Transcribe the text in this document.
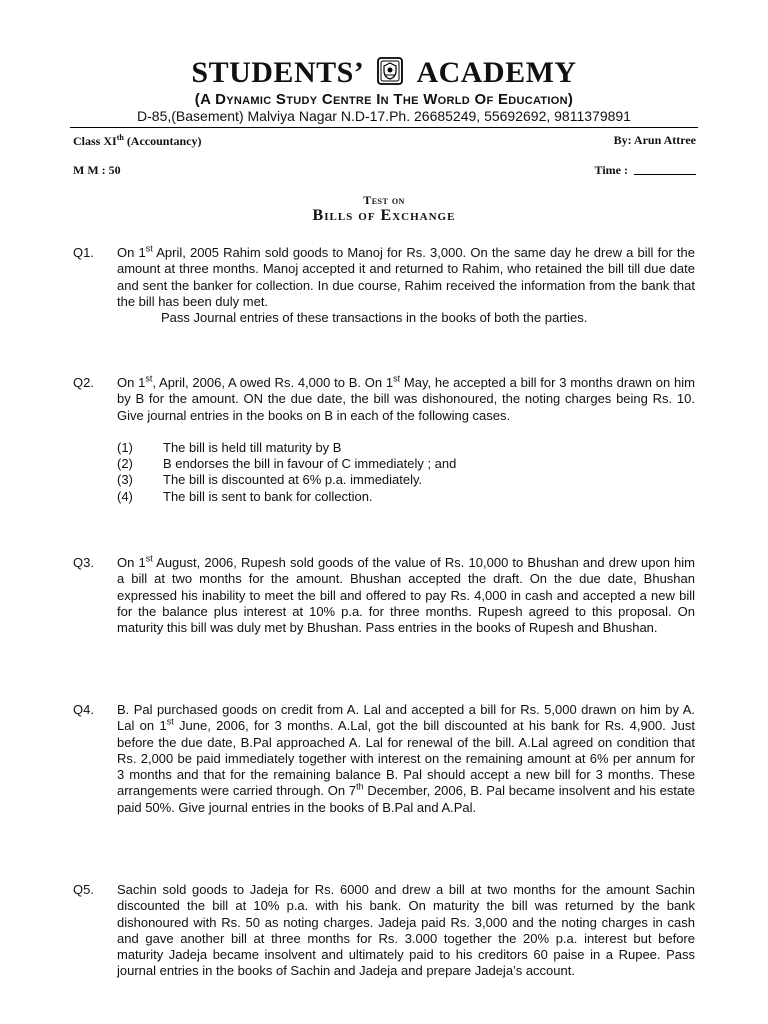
STUDENTS’ ACADEMY
(A Dynamic Study Centre In The World Of Education)
D-85,(Basement) Malviya Nagar N.D-17.Ph. 26685249, 55692692, 9811379891
Class XIth (Accountancy)	By: Arun Attree
M M : 50	Time :
Test on
Bills of Exchange
Q1. On 1st April, 2005 Rahim sold goods to Manoj for Rs. 3,000. On the same day he drew a bill for the amount at three months. Manoj accepted it and returned to Rahim, who retained the bill till due date and sent the banker for collection. In due course, Rahim received the information from the bank that the bill has been duly met.

Pass Journal entries of these transactions in the books of both the parties.

Q2. On 1st, April, 2006, A owed Rs. 4,000 to B. On 1st May, he accepted a bill for 3 months drawn on him by B for the amount. ON the due date, the bill was dishonoured, the noting charges being Rs. 10. Give journal entries in the books on B in each of the following cases.

(1)	The bill is held till maturity by B
(2)	B endorses the bill in favour of C immediately ; and
(3)	The bill is discounted at 6% p.a. immediately.
(4)	The bill is sent to bank for collection.
Q3. On 1st August, 2006, Rupesh sold goods of the value of Rs. 10,000 to Bhushan and drew upon him a bill at two months for the amount. Bhushan accepted the draft. On the due date, Bhushan expressed his inability to meet the bill and offered to pay Rs. 4,000 in cash and accepted a new bill for the balance plus interest at 10% p.a. for three months. Rupesh agreed to this proposal. On maturity this bill was duly met by Bhushan. Pass entries in the books of Rupesh and Bhushan.

Q4. B. Pal purchased goods on credit from A. Lal and accepted a bill for Rs. 5,000 drawn on him by A. Lal on 1st June, 2006, for 3 months. A.Lal, got the bill discounted at his bank for Rs. 4,900. Just before the due date, B.Pal approached A. Lal for renewal of the bill. A.Lal agreed on condition that Rs. 2,000 be paid immediately together with interest on the remaining amount at 6% per annum for 3 months and that for the remaining balance B. Pal should accept a new bill for 3 months. These arrangements were carried through. On 7th December, 2006, B. Pal became insolvent and his estate paid 50%. Give journal entries in the books of B.Pal and A.Pal.

Q5. Sachin sold goods to Jadeja for Rs. 6000 and drew a bill at two months for the amount Sachin discounted the bill at 10% p.a. with his bank. On maturity the bill was returned by the bank dishonoured with Rs. 50 as noting charges. Jadeja paid Rs. 3,000 and the noting charges in cash and gave another bill at three months for Rs. 3.000 together the 20% p.a. interest but before maturity Jadeja became insolvent and ultimately paid to his creditors 60 paise in a Rupee. Pass journal entries in the books of Sachin and Jadeja and prepare Jadeja’s account.
